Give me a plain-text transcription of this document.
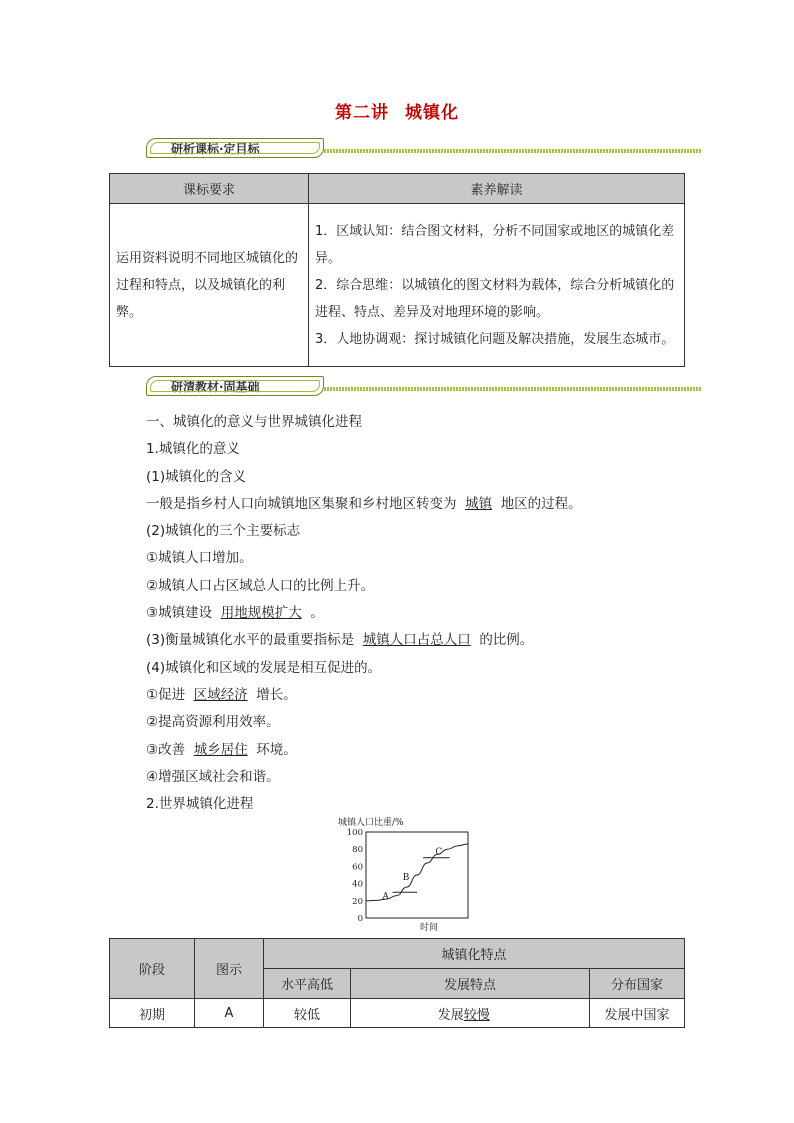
第二讲 城镇化
研析课标·定目标
课标要求	素养解读
运用资料说明不同地区城镇化的过程和特点，以及城镇化的利弊。	1．区域认知：结合图文材料，分析不同国家或地区的城镇化差异。
2．综合思维：以城镇化的图文材料为载体，综合分析城镇化的进程、特点、差异及对地理环境的影响。
3．人地协调观：探讨城镇化问题及解决措施，发展生态城市。
研清教材·固基础

一、城镇化的意义与世界城镇化进程

1.城镇化的意义

(1)城镇化的含义

一般是指乡村人口向城镇地区集聚和乡村地区转变为 城镇 地区的过程。

(2)城镇化的三个主要标志

①城镇人口增加。

②城镇人口占区域总人口的比例上升。

③城镇建设 用地规模扩大 。

(3)衡量城镇化水平的最重要指标是 城镇人口占总人口 的比例。

(4)城镇化和区域的发展是相互促进的。

①促进 区域经济 增长。

②提高资源利用效率。

③改善 城乡居住 环境。

④增强区域社会和谐。

2.世界城镇化进程

城镇人口比重/%
0
20
40
60
80
100
时间
A
B
C
阶段	图示	城镇化特点		
		水平高低	发展特点	分布国家
初期	A	较低	发展较慢	发展中国家
